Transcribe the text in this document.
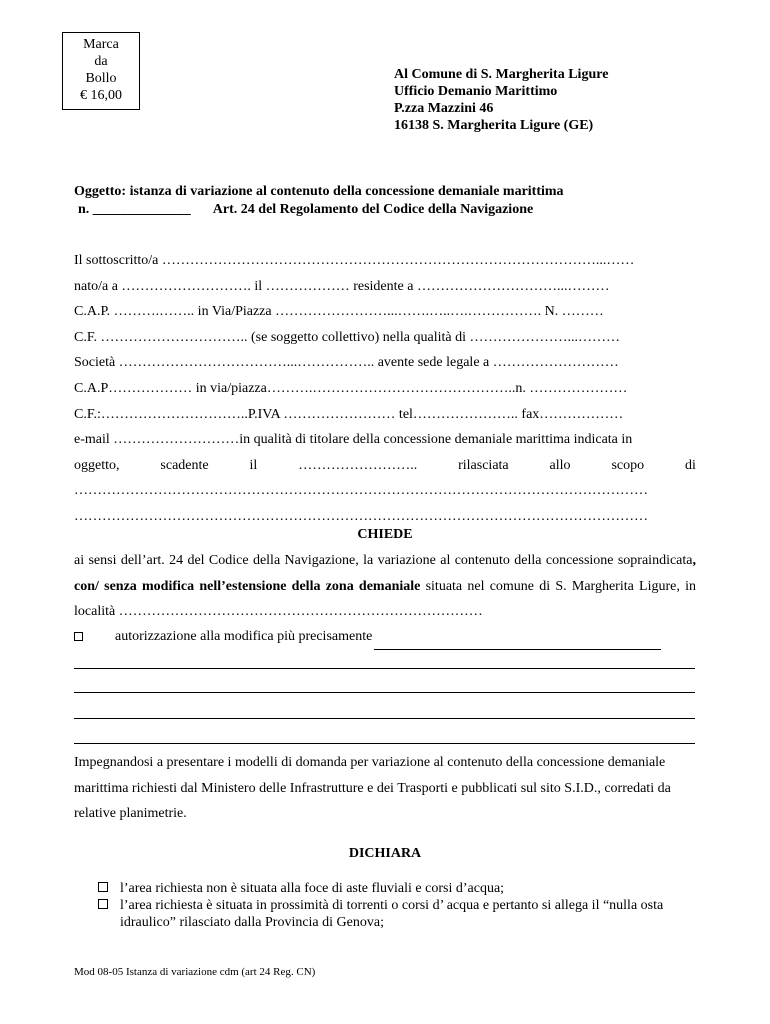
Marca
da
Bollo
€ 16,00
Al Comune di S. Margherita Ligure
Ufficio Demanio Marittimo
P.zza Mazzini 46
16138 S. Margherita Ligure (GE)
Oggetto: istanza di variazione al contenuto della concessione demaniale marittima
n. ______________ Art. 24 del Regolamento del Codice della Navigazione
Il sottoscritto/a …………………………………………………………………………………...……
nato/a a ………………………. il ……………… residente a …………………………...………
C.A.P. ……….…….. in Via/Piazza ……………………...…….…..….……………. N. ………
C.F. ………………………….. (se soggetto collettivo) nella qualità di …………………...………
Società ………………………………...…………….. avente sede legale a ………………………
C.A.P……………… in via/piazza……….……………………………………..n. …………………
C.F.:…………………………..P.IVA …………………… tel………………….. fax………………
e-mail ………………………in qualità di titolare della concessione demaniale marittima indicata in
oggetto,	scadente	il	……………………..	rilasciata	allo	scopo	di
……………………………………………………………………………………………………………
……………………………………………………………………………………………………………
CHIEDE
ai sensi dell’art. 24 del Codice della Navigazione, la variazione al contenuto della concessione sopraindicata, con/ senza modifica nell’estensione della zona demaniale situata nel comune di S. Margherita Ligure, in località ……………………………………………………………………
autorizzazione alla modifica più precisamente
Impegnandosi a presentare i modelli di domanda per variazione al contenuto della concessione demaniale marittima richiesti dal Ministero delle Infrastrutture e dei Trasporti e pubblicati sul sito S.I.D., corredati da relative planimetrie.
DICHIARA
l’area richiesta non è situata alla foce di aste fluviali e corsi d’acqua;
l’area richiesta è situata in prossimità di torrenti o corsi d’ acqua e pertanto si allega il “nulla osta idraulico” rilasciato dalla Provincia di Genova;
Mod 08-05 Istanza di variazione cdm (art 24 Reg. CN)
